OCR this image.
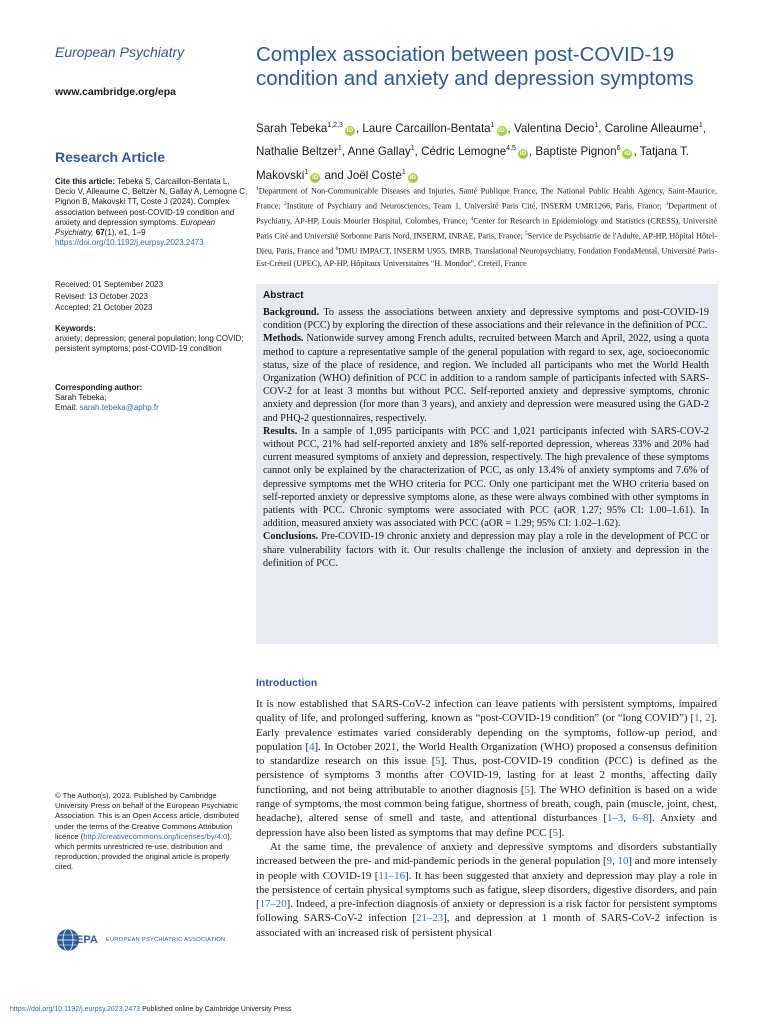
European Psychiatry
www.cambridge.org/epa
Research Article
Cite this article: Tebeka S, Carcaillon-Bentata L, Decio V, Alleaume C, Beltzer N, Gallay A, Lemogne C, Pignon B, Makovski TT, Coste J (2024). Complex association between post-COVID-19 condition and anxiety and depression symptoms. European Psychiatry, 67(1), e1, 1–9 https://doi.org/10.1192/j.eurpsy.2023.2473
Received: 01 September 2023
Revised: 13 October 2023
Accepted: 21 October 2023
Keywords:
anxiety; depression; general population; long COVID; persistent symptoms; post-COVID-19 condition
Corresponding author:
Sarah Tebeka;
Email: sarah.tebeka@aphp.fr
© The Author(s), 2023. Published by Cambridge University Press on behalf of the European Psychiatric Association. This is an Open Access article, distributed under the terms of the Creative Commons Attribution licence (http://creativecommons.org/licenses/by/4.0), which permits unrestricted re-use, distribution and reproduction, provided the original article is properly cited.
EPA EUROPEAN PSYCHIATRIC ASSOCIATION
https://doi.org/10.1192/j.eurpsy.2023.2473 Published online by Cambridge University Press
Complex association between post-COVID-19 condition and anxiety and depression symptoms
Sarah Tebeka$^{1,2,3}$iD , Laure Carcaillon-Bentata$^1$iD , Valentina Decio$^1$, Caroline Alleaume$^1$, Nathalie Beltzer$^1$, Anne Gallay$^1$, Cédric Lemogne$^{4,5}$iD , Baptiste Pignon$^6$iD , Tatjana T. Makovski$^1$iD and Joël Coste$^1$iD
$^1$Department of Non-Communicable Diseases and Injuries, Santé Publique France, The National Public Health Agency, Saint-Maurice, France; $^2$Institute of Psychiatry and Neurosciences, Team 1, Université Paris Cité, INSERM UMR1266, Paris, France; $^3$Department of Psychiatry, AP-HP, Louis Mourier Hospital, Colombes, France; $^4$Center for Research in Epidemiology and Statistics (CRESS), Université Paris Cité and Université Sorbonne Paris Nord, INSERM, INRAE, Paris, France; $^5$Service de Psychiatrie de l'Adulte, AP-HP, Hôpital Hôtel-Dieu, Paris, France and $^6$DMU IMPACT, INSERM U955, IMRB, Translational Neuropsychiatry, Fondation FondaMental, Université Paris-Est-Créteil (UPEC), AP-HP, Hôpitaux Universitaires "H. Mondor", Creteil, France
Abstract

Background. To assess the associations between anxiety and depressive symptoms and post-COVID-19 condition (PCC) by exploring the direction of these associations and their relevance in the definition of PCC.

Methods. Nationwide survey among French adults, recruited between March and April, 2022, using a quota method to capture a representative sample of the general population with regard to sex, age, socioeconomic status, size of the place of residence, and region. We included all participants who met the World Health Organization (WHO) definition of PCC in addition to a random sample of participants infected with SARS-COV-2 for at least 3 months but without PCC. Self-reported anxiety and depressive symptoms, chronic anxiety and depression (for more than 3 years), and anxiety and depression were measured using the GAD-2 and PHQ-2 questionnaires, respectively.

Results. In a sample of 1,095 participants with PCC and 1,021 participants infected with SARS-COV-2 without PCC, 21% had self-reported anxiety and 18% self-reported depression, whereas 33% and 20% had current measured symptoms of anxiety and depression, respectively. The high prevalence of these symptoms cannot only be explained by the characterization of PCC, as only 13.4% of anxiety symptoms and 7.6% of depressive symptoms met the WHO criteria for PCC. Only one participant met the WHO criteria based on self-reported anxiety or depressive symptoms alone, as these were always combined with other symptoms in patients with PCC. Chronic symptoms were associated with PCC (aOR 1.27; 95% CI: 1.00–1.61). In addition, measured anxiety was associated with PCC (aOR = 1.29; 95% CI: 1.02–1.62).

Conclusions. Pre-COVID-19 chronic anxiety and depression may play a role in the development of PCC or share vulnerability factors with it. Our results challenge the inclusion of anxiety and depression in the definition of PCC.

Introduction

It is now established that SARS-CoV-2 infection can leave patients with persistent symptoms, impaired quality of life, and prolonged suffering, known as “post-COVID-19 condition” (or “long COVID”) [1, 2]. Early prevalence estimates varied considerably depending on the symptoms, follow-up period, and population [4]. In October 2021, the World Health Organization (WHO) proposed a consensus definition to standardize research on this issue [5]. Thus, post-COVID-19 condition (PCC) is defined as the persistence of symptoms 3 months after COVID-19, lasting for at least 2 months, affecting daily functioning, and not being attributable to another diagnosis [5]. The WHO definition is based on a wide range of symptoms, the most common being fatigue, shortness of breath, cough, pain (muscle, joint, chest, headache), altered sense of smell and taste, and attentional disturbances [1–3, 6–8]. Anxiety and depression have also been listed as symptoms that may define PCC [5].

At the same time, the prevalence of anxiety and depressive symptoms and disorders substantially increased between the pre- and mid-pandemic periods in the general population [9, 10] and more intensely in people with COVID-19 [11–16]. It has been suggested that anxiety and depression may play a role in the persistence of certain physical symptoms such as fatigue, sleep disorders, digestive disorders, and pain [17–20]. Indeed, a pre-infection diagnosis of anxiety or depression is a risk factor for persistent symptoms following SARS-CoV-2 infection [21–23], and depression at 1 month of SARS-CoV-2 infection is associated with an increased risk of persistent physical
